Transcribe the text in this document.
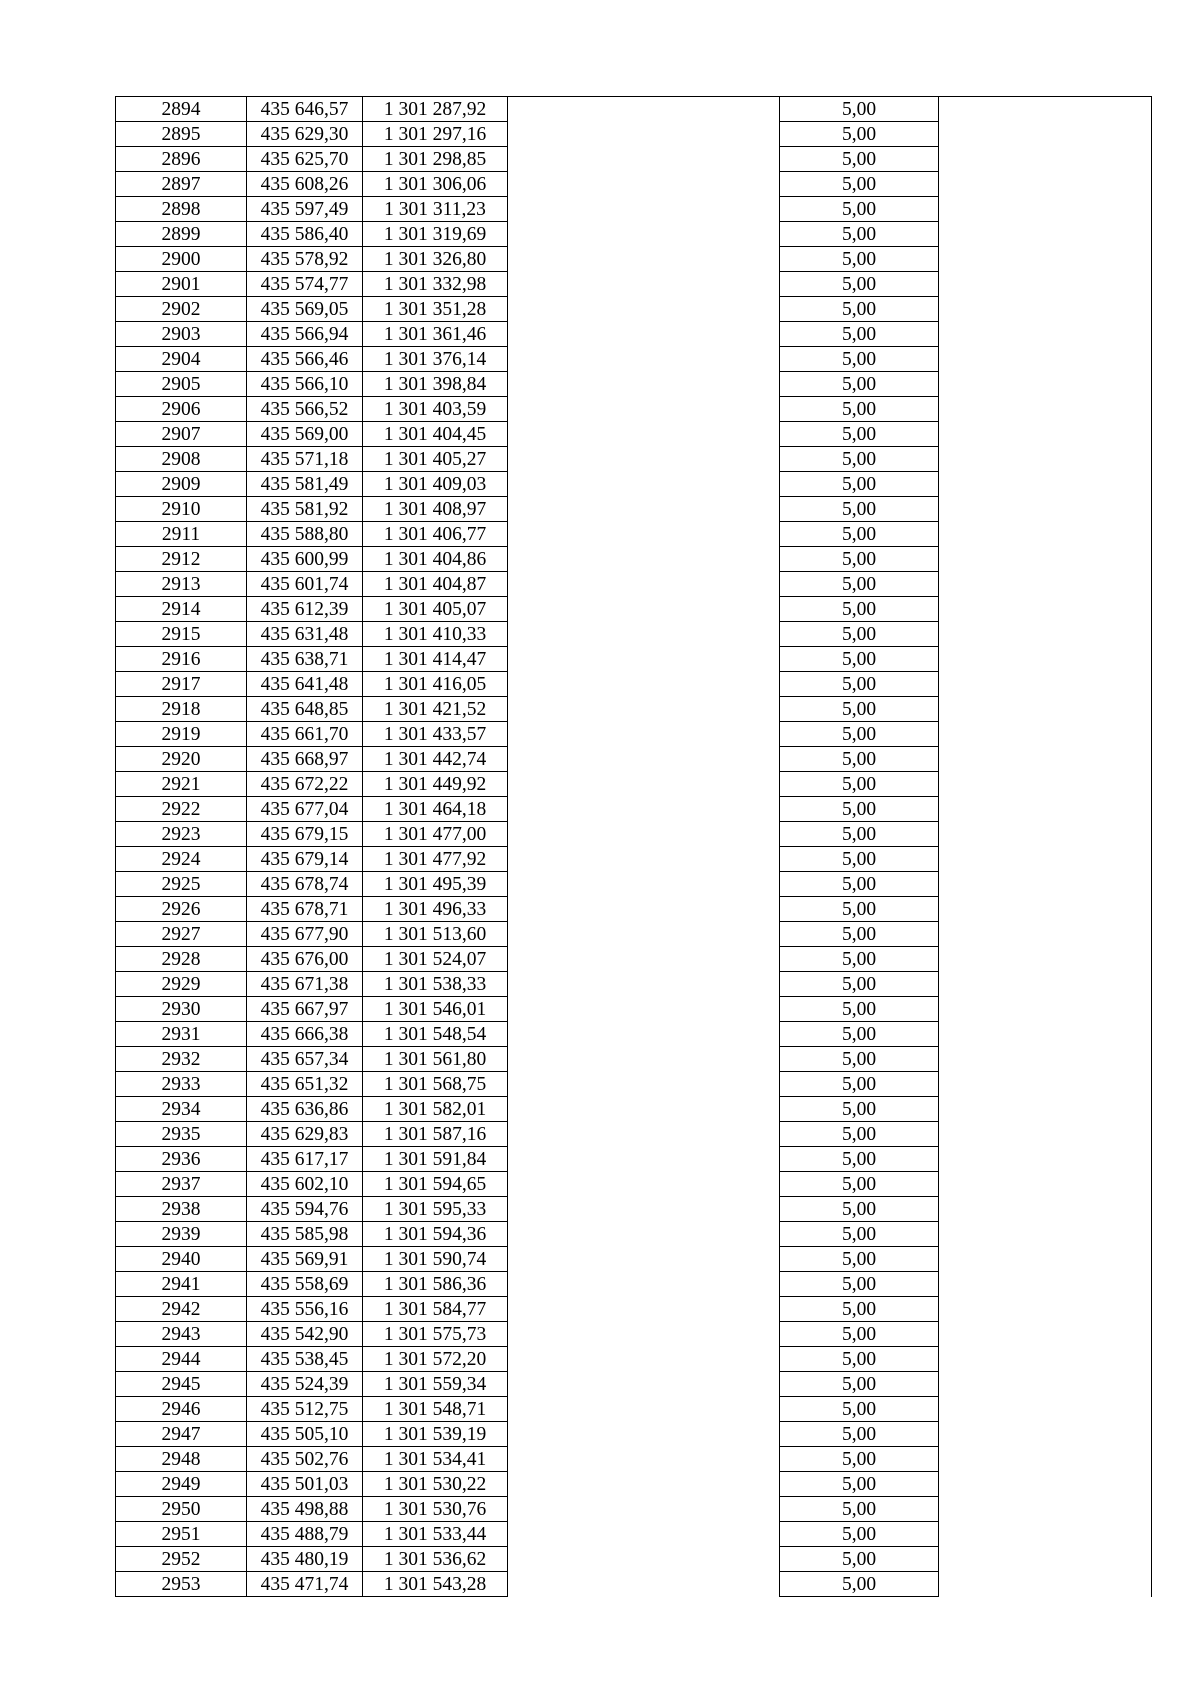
2894	435 646,57	1 301 287,92		5,00	
2895	435 629,30	1 301 297,16		5,00	
2896	435 625,70	1 301 298,85		5,00	
2897	435 608,26	1 301 306,06		5,00	
2898	435 597,49	1 301 311,23		5,00	
2899	435 586,40	1 301 319,69		5,00	
2900	435 578,92	1 301 326,80		5,00	
2901	435 574,77	1 301 332,98		5,00	
2902	435 569,05	1 301 351,28		5,00	
2903	435 566,94	1 301 361,46		5,00	
2904	435 566,46	1 301 376,14		5,00	
2905	435 566,10	1 301 398,84		5,00	
2906	435 566,52	1 301 403,59		5,00	
2907	435 569,00	1 301 404,45		5,00	
2908	435 571,18	1 301 405,27		5,00	
2909	435 581,49	1 301 409,03		5,00	
2910	435 581,92	1 301 408,97		5,00	
2911	435 588,80	1 301 406,77		5,00	
2912	435 600,99	1 301 404,86		5,00	
2913	435 601,74	1 301 404,87		5,00	
2914	435 612,39	1 301 405,07		5,00	
2915	435 631,48	1 301 410,33		5,00	
2916	435 638,71	1 301 414,47		5,00	
2917	435 641,48	1 301 416,05		5,00	
2918	435 648,85	1 301 421,52		5,00	
2919	435 661,70	1 301 433,57		5,00	
2920	435 668,97	1 301 442,74		5,00	
2921	435 672,22	1 301 449,92		5,00	
2922	435 677,04	1 301 464,18		5,00	
2923	435 679,15	1 301 477,00		5,00	
2924	435 679,14	1 301 477,92		5,00	
2925	435 678,74	1 301 495,39		5,00	
2926	435 678,71	1 301 496,33		5,00	
2927	435 677,90	1 301 513,60		5,00	
2928	435 676,00	1 301 524,07		5,00	
2929	435 671,38	1 301 538,33		5,00	
2930	435 667,97	1 301 546,01		5,00	
2931	435 666,38	1 301 548,54		5,00	
2932	435 657,34	1 301 561,80		5,00	
2933	435 651,32	1 301 568,75		5,00	
2934	435 636,86	1 301 582,01		5,00	
2935	435 629,83	1 301 587,16		5,00	
2936	435 617,17	1 301 591,84		5,00	
2937	435 602,10	1 301 594,65		5,00	
2938	435 594,76	1 301 595,33		5,00	
2939	435 585,98	1 301 594,36		5,00	
2940	435 569,91	1 301 590,74		5,00	
2941	435 558,69	1 301 586,36		5,00	
2942	435 556,16	1 301 584,77		5,00	
2943	435 542,90	1 301 575,73		5,00	
2944	435 538,45	1 301 572,20		5,00	
2945	435 524,39	1 301 559,34		5,00	
2946	435 512,75	1 301 548,71		5,00	
2947	435 505,10	1 301 539,19		5,00	
2948	435 502,76	1 301 534,41		5,00	
2949	435 501,03	1 301 530,22		5,00	
2950	435 498,88	1 301 530,76		5,00	
2951	435 488,79	1 301 533,44		5,00	
2952	435 480,19	1 301 536,62		5,00	
2953	435 471,74	1 301 543,28		5,00	
